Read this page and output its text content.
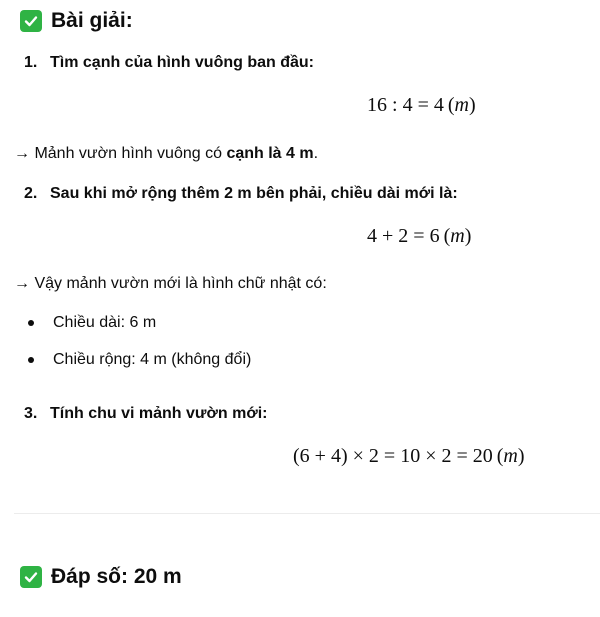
Bài giải:
1. Tìm cạnh của hình vuông ban đầu:
16 : 4 = 4 (m)
→ Mảnh vườn hình vuông có cạnh là 4 m.
2. Sau khi mở rộng thêm 2 m bên phải, chiều dài mới là:
4 + 2 = 6 (m)
→ Vậy mảnh vườn mới là hình chữ nhật có:
Chiều dài: 6 m
Chiều rộng: 4 m (không đổi)
3. Tính chu vi mảnh vườn mới:
(6 + 4) × 2 = 10 × 2 = 20 (m)
Đáp số: 20 m
